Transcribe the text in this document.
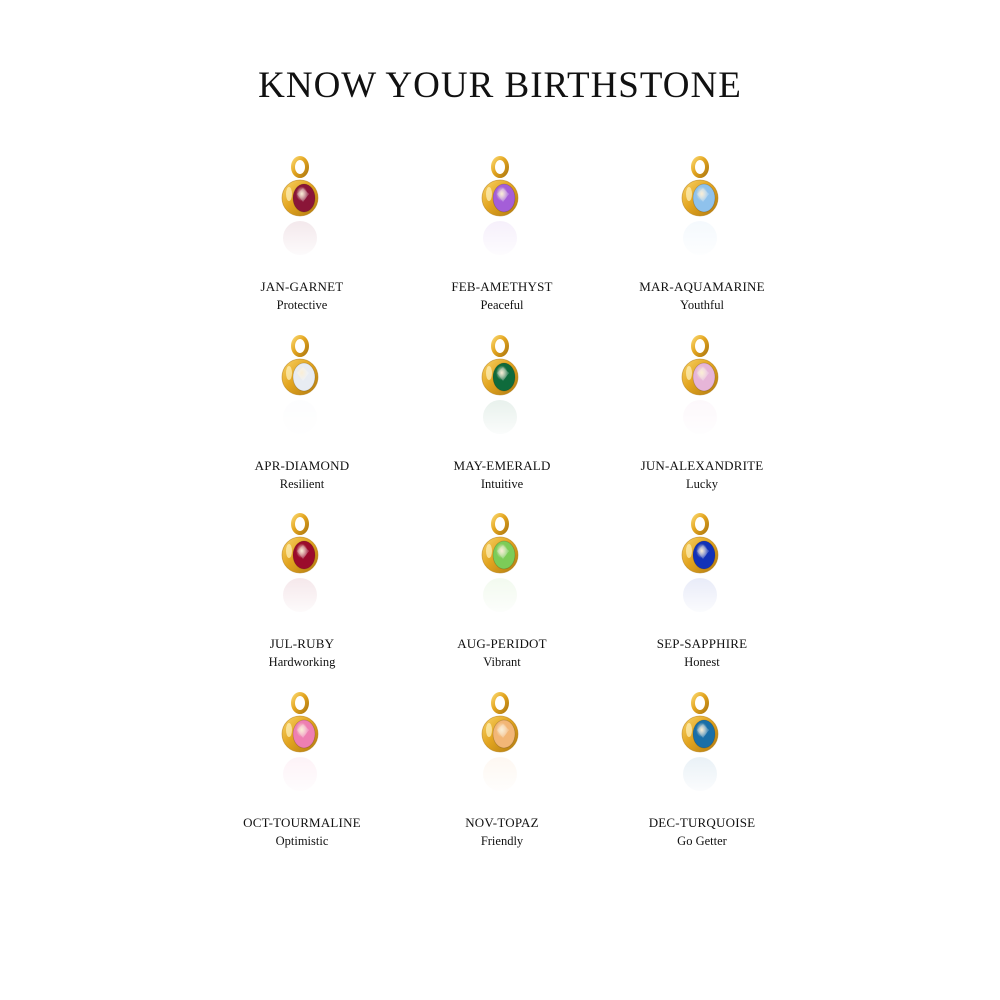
KNOW YOUR BIRTHSTONE
JAN-GARNET
Protective
FEB-AMETHYST
Peaceful
MAR-AQUAMARINE
Youthful
APR-DIAMOND
Resilient
MAY-EMERALD
Intuitive
JUN-ALEXANDRITE
Lucky
JUL-RUBY
Hardworking
AUG-PERIDOT
Vibrant
SEP-SAPPHIRE
Honest
OCT-TOURMALINE
Optimistic
NOV-TOPAZ
Friendly
DEC-TURQUOISE
Go Getter
